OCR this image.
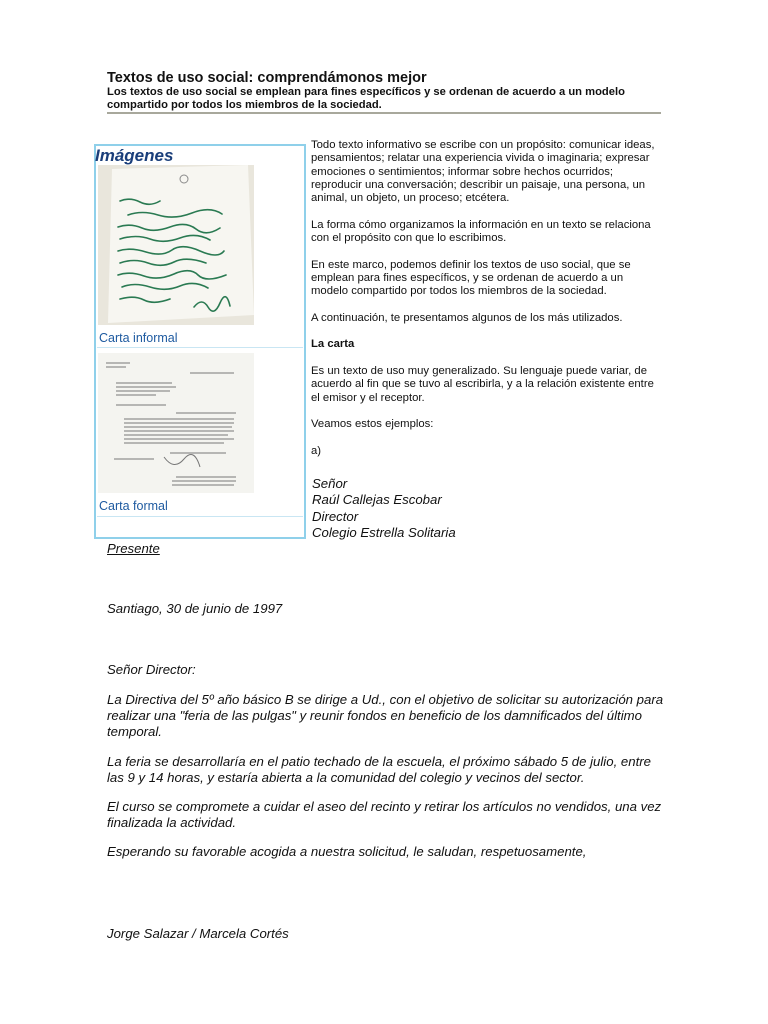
Textos de uso social: comprendámonos mejor
Los textos de uso social se emplean para fines específicos y se ordenan de acuerdo a un modelo compartido por todos los miembros de la sociedad.
Imágenes
Carta informal
Carta formal

Todo texto informativo se escribe con un propósito: comunicar ideas, pensamientos; relatar una experiencia vivida o imaginaria; expresar emociones o sentimientos; informar sobre hechos ocurridos; reproducir una conversación; describir un paisaje, una persona, un animal, un objeto, un proceso; etcétera.

La forma cómo organizamos la información en un texto se relaciona con el propósito con que lo escribimos.

En este marco, podemos definir los textos de uso social, que se emplean para fines específicos, y se ordenan de acuerdo a un modelo compartido por todos los miembros de la sociedad.

A continuación, te presentamos algunos de los más utilizados.

La carta

Es un texto de uso muy generalizado. Su lenguaje puede variar, de acuerdo al fin que se tuvo al escribirla, y a la relación existente entre el emisor y el receptor.

Veamos estos ejemplos:

a)

Señor
Raúl Callejas Escobar
Director
Colegio Estrella Solitaria
Presente
Santiago, 30 de junio de 1997
Señor Director:

La Directiva del 5º año básico B se dirige a Ud., con el objetivo de solicitar su autorización para realizar una "feria de las pulgas" y reunir fondos en beneficio de los damnificados del último temporal.

La feria se desarrollaría en el patio techado de la escuela, el próximo sábado 5 de julio, entre las 9 y 14 horas, y estaría abierta a la comunidad del colegio y vecinos del sector.

El curso se compromete a cuidar el aseo del recinto y retirar los artículos no vendidos, una vez finalizada la actividad.

Esperando su favorable acogida a nuestra solicitud, le saludan, respetuosamente,

Jorge Salazar / Marcela Cortés
